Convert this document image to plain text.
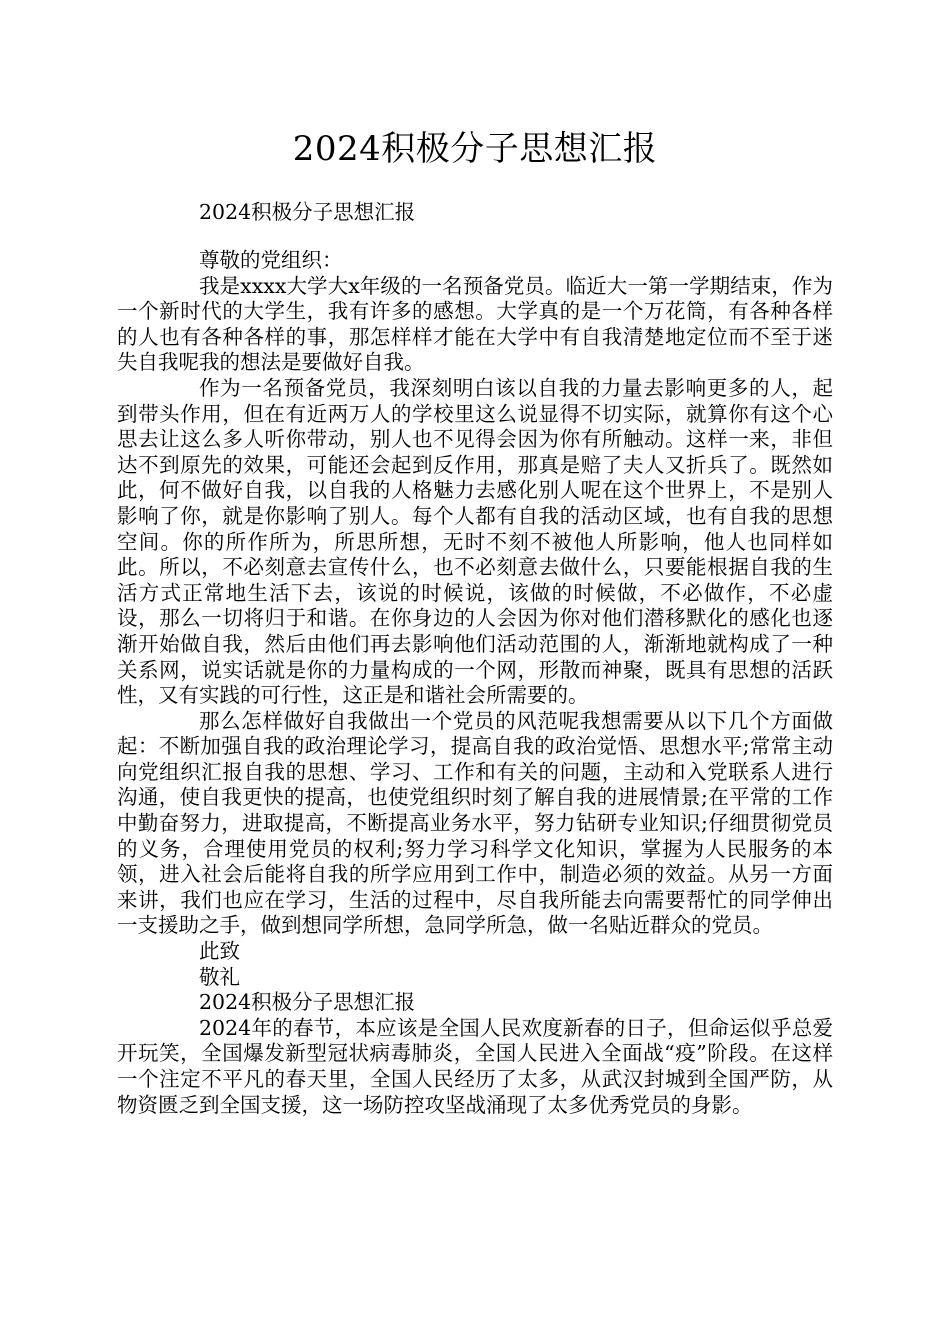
2024积极分子思想汇报
2024积极分子思想汇报

尊敬的党组织：

我是xxxx大学大x年级的一名预备党员。临近大一第一学期结束，作为一个新时代的大学生，我有许多的感想。大学真的是一个万花筒，有各种各样的人也有各种各样的事，那怎样样才能在大学中有自我清楚地定位而不至于迷失自我呢我的想法是要做好自我。

作为一名预备党员，我深刻明白该以自我的力量去影响更多的人，起到带头作用，但在有近两万人的学校里这么说显得不切实际，就算你有这个心思去让这么多人听你带动，别人也不见得会因为你有所触动。这样一来，非但达不到原先的效果，可能还会起到反作用，那真是赔了夫人又折兵了。既然如此，何不做好自我，以自我的人格魅力去感化别人呢在这个世界上，不是别人影响了你，就是你影响了别人。每个人都有自我的活动区域，也有自我的思想空间。你的所作所为，所思所想，无时不刻不被他人所影响，他人也同样如此。所以，不必刻意去宣传什么，也不必刻意去做什么，只要能根据自我的生活方式正常地生活下去，该说的时候说，该做的时候做，不必做作，不必虚设，那么一切将归于和谐。在你身边的人会因为你对他们潜移默化的感化也逐渐开始做自我，然后由他们再去影响他们活动范围的人，渐渐地就构成了一种关系网，说实话就是你的力量构成的一个网，形散而神聚，既具有思想的活跃性，又有实践的可行性，这正是和谐社会所需要的。

那么怎样做好自我做出一个党员的风范呢我想需要从以下几个方面做起：不断加强自我的政治理论学习，提高自我的政治觉悟、思想水平;常常主动向党组织汇报自我的思想、学习、工作和有关的问题，主动和入党联系人进行沟通，使自我更快的提高，也使党组织时刻了解自我的进展情景;在平常的工作中勤奋努力，进取提高，不断提高业务水平，努力钻研专业知识;仔细贯彻党员的义务，合理使用党员的权利;努力学习科学文化知识，掌握为人民服务的本领，进入社会后能将自我的所学应用到工作中，制造必须的效益。从另一方面来讲，我们也应在学习，生活的过程中，尽自我所能去向需要帮忙的同学伸出一支援助之手，做到想同学所想，急同学所急，做一名贴近群众的党员。

此致

敬礼

2024积极分子思想汇报

2024年的春节，本应该是全国人民欢度新春的日子，但命运似乎总爱开玩笑，全国爆发新型冠状病毒肺炎，全国人民进入全面战“疫”阶段。在这样一个注定不平凡的春天里，全国人民经历了太多，从武汉封城到全国严防，从物资匮乏到全国支援，这一场防控攻坚战涌现了太多优秀党员的身影。
